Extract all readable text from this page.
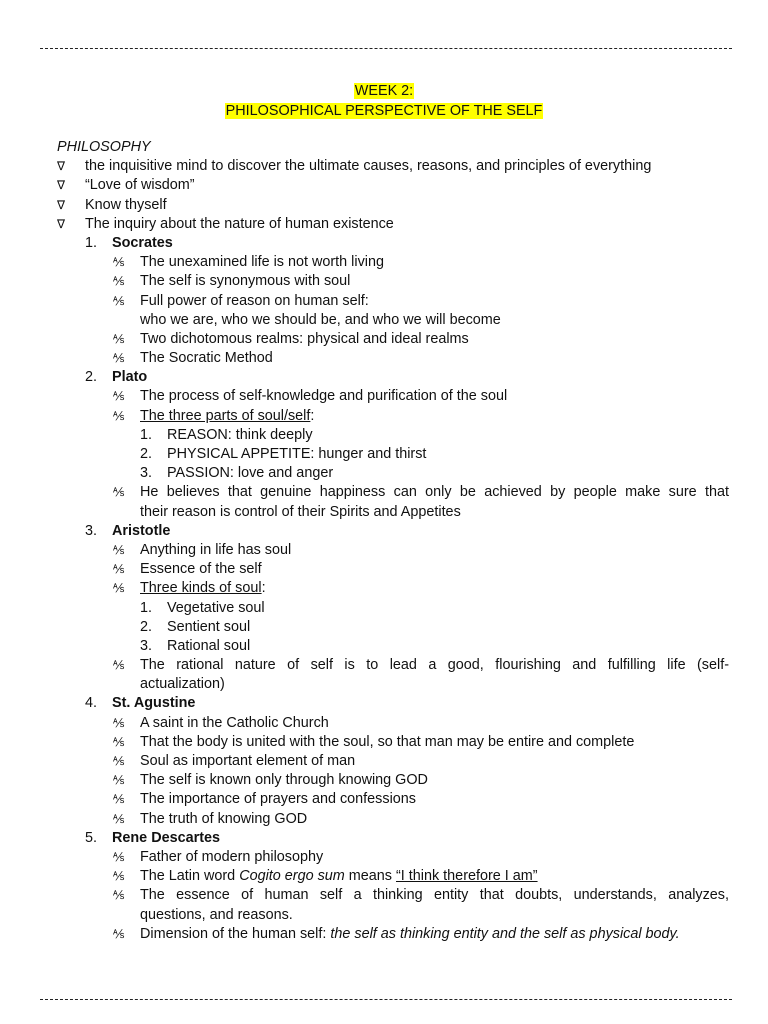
WEEK 2:
PHILOSOPHICAL PERSPECTIVE OF THE SELF
PHILOSOPHY
∇ the inquisitive mind to discover the ultimate causes, reasons, and principles of everything
∇ “Love of wisdom”
∇ Know thyself
∇ The inquiry about the nature of human existence
1. Socrates
⅍ The unexamined life is not worth living
⅍ The self is synonymous with soul
⅍ Full power of reason on human self:
who we are, who we should be, and who we will become
⅍ Two dichotomous realms: physical and ideal realms
⅍ The Socratic Method
2. Plato
⅍ The process of self-knowledge and purification of the soul
⅍ The three parts of soul/self:
1. REASON: think deeply
2. PHYSICAL APPETITE: hunger and thirst
3. PASSION: love and anger
⅍ He believes that genuine happiness can only be achieved by people make sure that
their reason is control of their Spirits and Appetites
3. Aristotle
⅍ Anything in life has soul
⅍ Essence of the self
⅍ Three kinds of soul:
1. Vegetative soul
2. Sentient soul
3. Rational soul
⅍ The rational nature of self is to lead a good, flourishing and fulfilling life (self-
actualization)
4. St. Agustine
⅍ A saint in the Catholic Church
⅍ That the body is united with the soul, so that man may be entire and complete
⅍ Soul as important element of man
⅍ The self is known only through knowing GOD
⅍ The importance of prayers and confessions
⅍ The truth of knowing GOD
5. Rene Descartes
⅍ Father of modern philosophy
⅍ The Latin word Cogito ergo sum means “I think therefore I am”
⅍ The essence of human self a thinking entity that doubts, understands, analyzes,
questions, and reasons.
⅍ Dimension of the human self: the self as thinking entity and the self as physical body.
